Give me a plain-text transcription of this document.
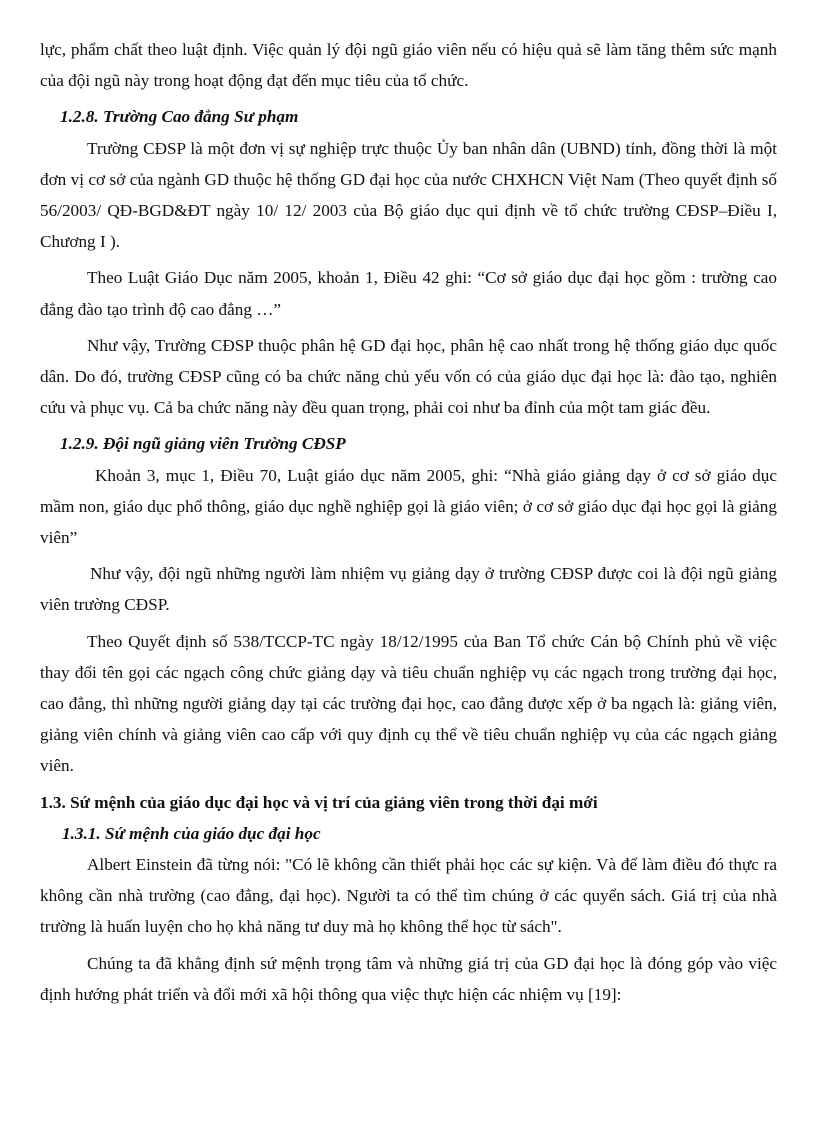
lực, phẩm chất theo luật định. Việc quản lý đội ngũ giáo viên nếu có hiệu quả sẽ làm tăng thêm sức mạnh của đội ngũ này trong hoạt động đạt đến mục tiêu của tổ chức.

1.2.8. Trường Cao đẳng Sư phạm

Trường CĐSP là một đơn vị sự nghiệp trực thuộc Ủy ban nhân dân (UBND) tỉnh, đồng thời là một đơn vị cơ sở của ngành GD thuộc hệ thống GD đại học của nước CHXHCN Việt Nam (Theo quyết định số 56/2003/ QĐ-BGD&ĐT ngày 10/ 12/ 2003 của Bộ giáo dục qui định về tổ chức trường CĐSP–Điều I, Chương I ).

Theo Luật Giáo Dục năm 2005, khoản 1, Điều 42 ghi: “Cơ sở giáo dục đại học gồm : trường cao đẳng đào tạo trình độ cao đẳng …”

Như vậy, Trường CĐSP thuộc phân hệ GD đại học, phân hệ cao nhất trong hệ thống giáo dục quốc dân. Do đó, trường CĐSP cũng có ba chức năng chủ yếu vốn có của giáo dục đại học là: đào tạo, nghiên cứu và phục vụ. Cả ba chức năng này đều quan trọng, phải coi như ba đỉnh của một tam giác đều.

1.2.9. Đội ngũ giảng viên Trường CĐSP

Khoản 3, mục 1, Điều 70, Luật giáo dục năm 2005, ghi: “Nhà giáo giảng dạy ở cơ sở giáo dục mầm non, giáo dục phổ thông, giáo dục nghề nghiệp gọi là giáo viên; ở cơ sở giáo dục đại học gọi là giảng viên”

Như vậy, đội ngũ những người làm nhiệm vụ giảng dạy ở trường CĐSP được coi là đội ngũ giảng viên trường CĐSP.

Theo Quyết định số 538/TCCP-TC ngày 18/12/1995 của Ban Tổ chức Cán bộ Chính phủ về việc thay đổi tên gọi các ngạch công chức giảng dạy và tiêu chuẩn nghiệp vụ các ngạch trong trường đại học, cao đẳng, thì những người giảng dạy tại các trường đại học, cao đẳng được xếp ở ba ngạch là: giảng viên, giảng viên chính và giảng viên cao cấp với quy định cụ thể về tiêu chuẩn nghiệp vụ của các ngạch giảng viên.

1.3. Sứ mệnh của giáo dục đại học và vị trí của giảng viên trong thời đại mới

1.3.1. Sứ mệnh của giáo dục đại học

Albert Einstein đã từng nói: "Có lẽ không cần thiết phải học các sự kiện. Và để làm điều đó thực ra không cần nhà trường (cao đẳng, đại học). Người ta có thể tìm chúng ở các quyển sách. Giá trị của nhà trường là huấn luyện cho họ khả năng tư duy mà họ không thể học từ sách".

Chúng ta đã khẳng định sứ mệnh trọng tâm và những giá trị của GD đại học là đóng góp vào việc định hướng phát triển và đổi mới xã hội thông qua việc thực hiện các nhiệm vụ [19]:
